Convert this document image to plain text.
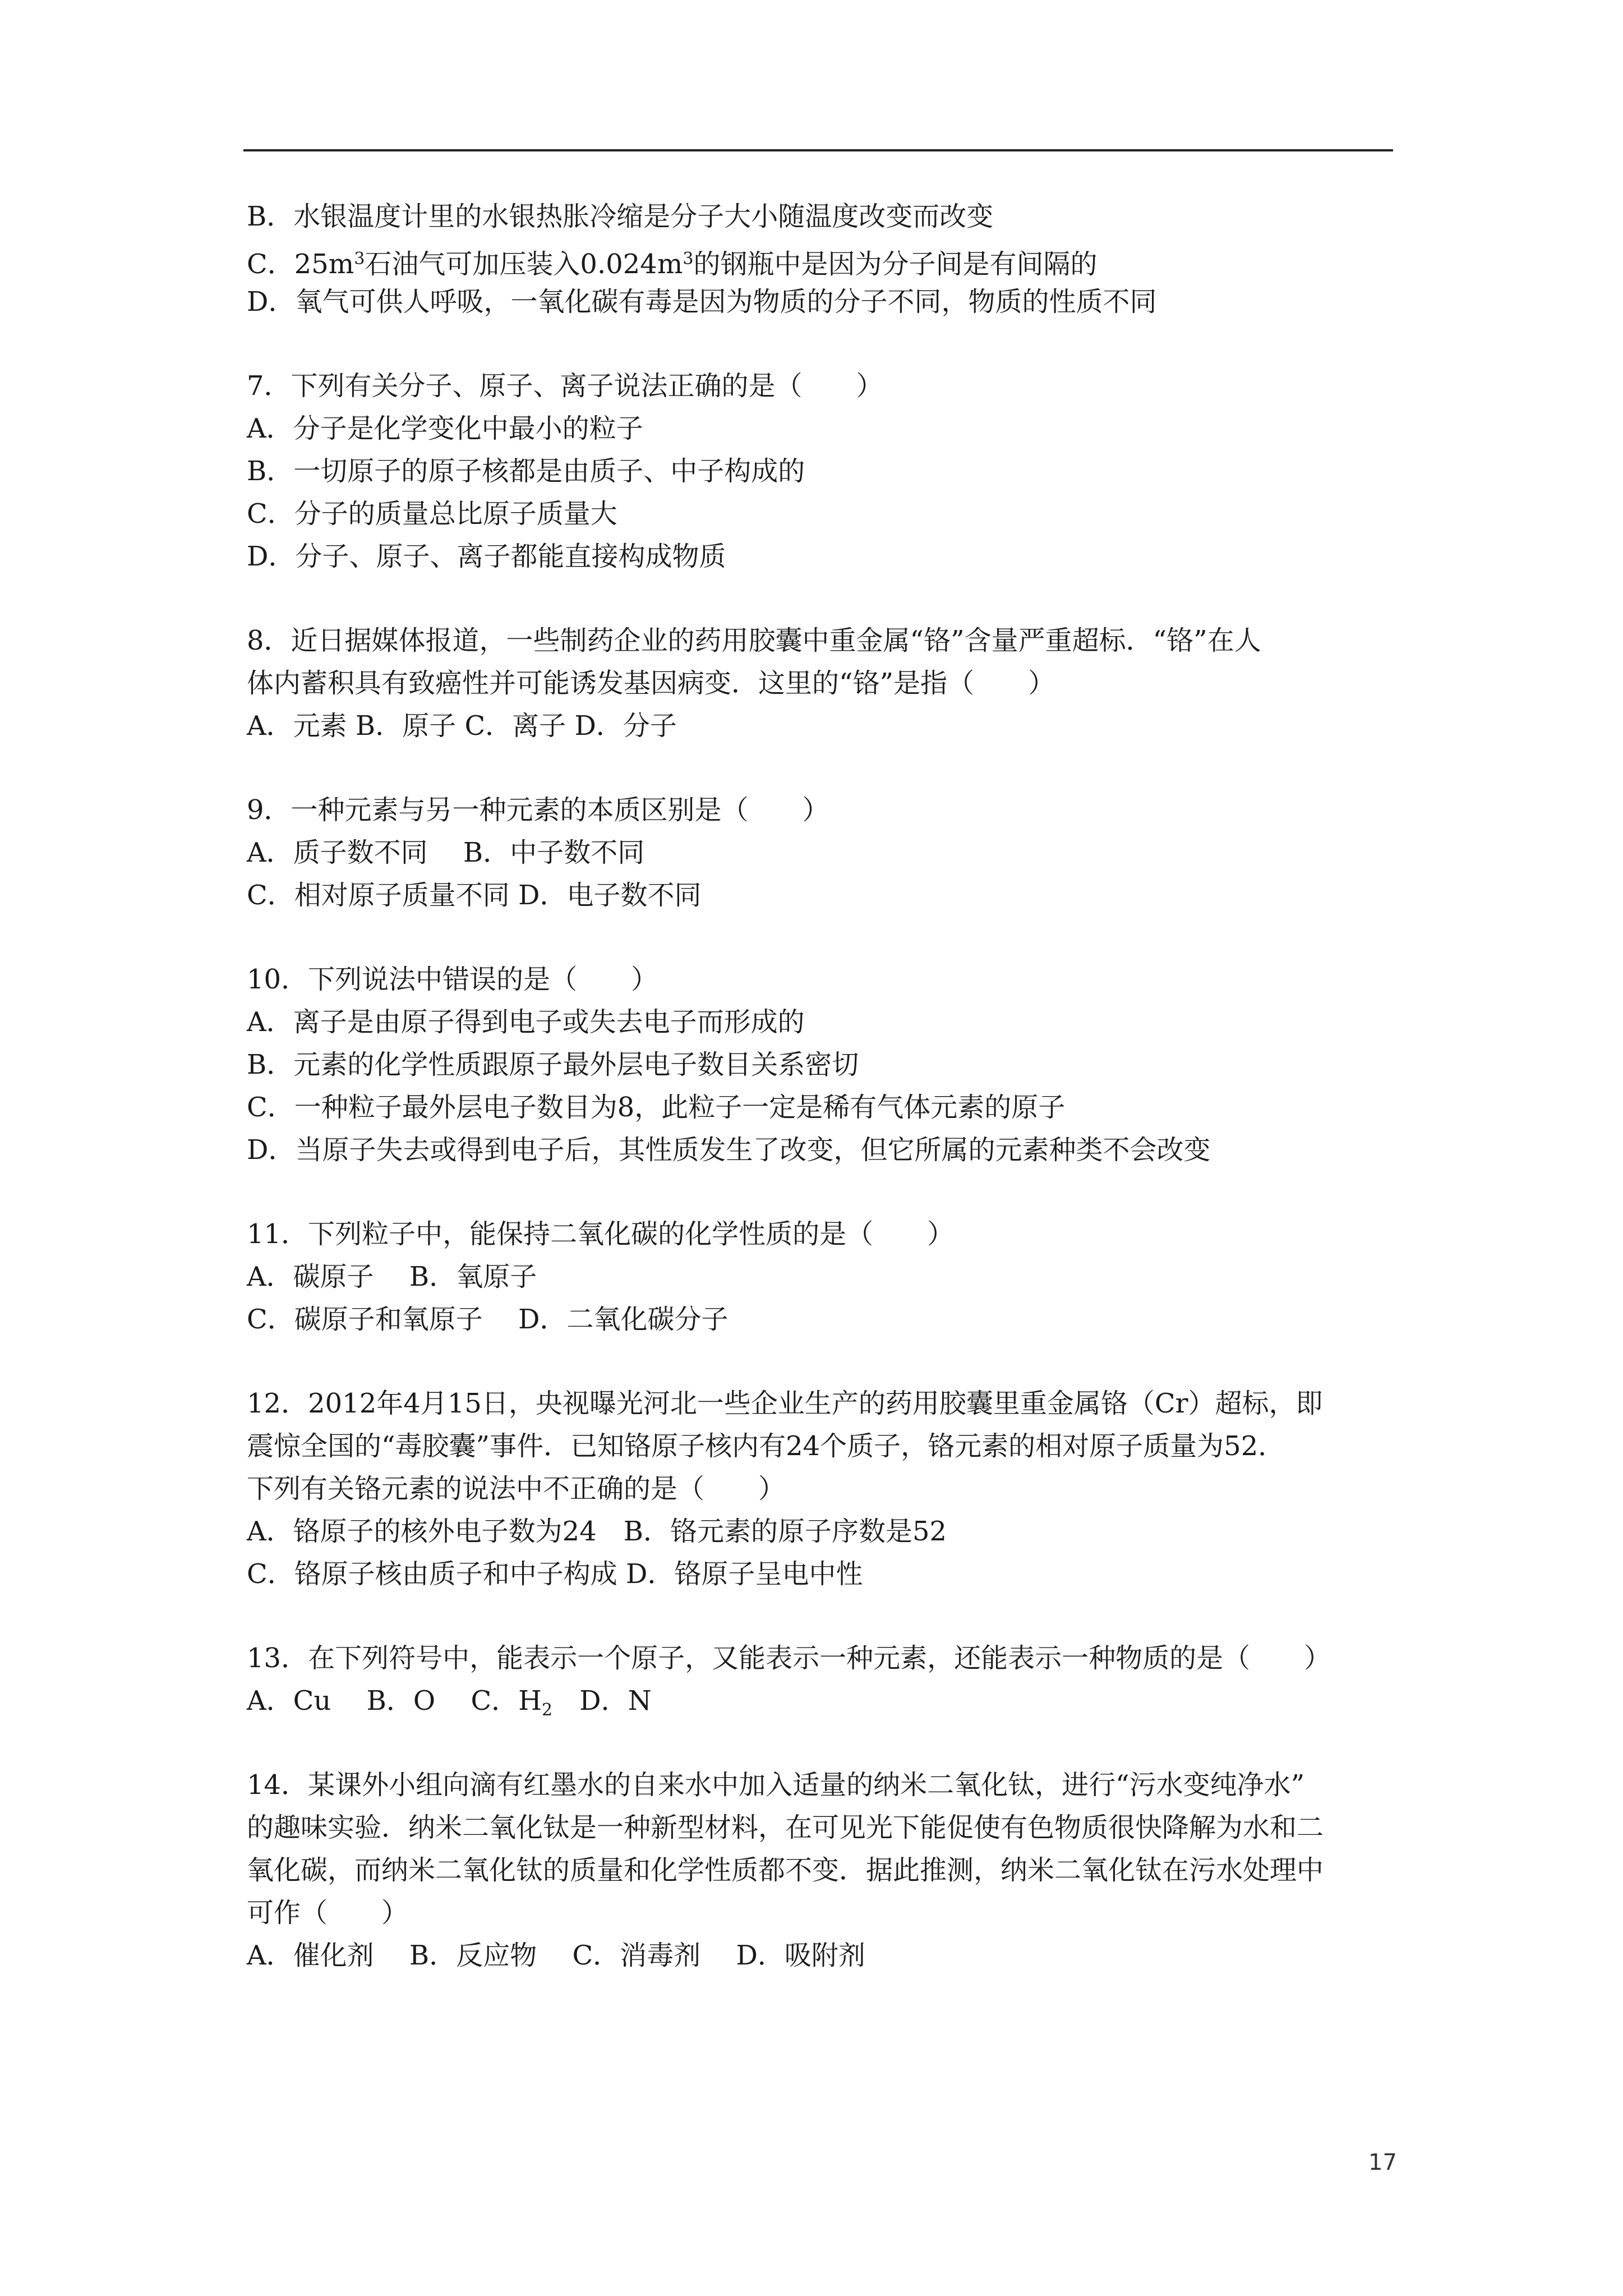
B．水银温度计里的水银热胀冷缩是分子大小随温度改变而改变
C．$25m^3$石油气可加压装入$0.024m^3$的钢瓶中是因为分子间是有间隔的
D．氧气可供人呼吸，一氧化碳有毒是因为物质的分子不同，物质的性质不同
7．下列有关分子、原子、离子说法正确的是（　　）
A．分子是化学变化中最小的粒子
B．一切原子的原子核都是由质子、中子构成的
C．分子的质量总比原子质量大
D．分子、原子、离子都能直接构成物质
8．近日据媒体报道，一些制药企业的药用胶囊中重金属“铬”含量严重超标．“铬”在人
体内蓄积具有致癌性并可能诱发基因病变．这里的“铬”是指（　　）
A．元素 B．原子 C．离子 D．分子
9．一种元素与另一种元素的本质区别是（　　）
A．质子数不同　 B．中子数不同
C．相对原子质量不同 D．电子数不同
10．下列说法中错误的是（　　）
A．离子是由原子得到电子或失去电子而形成的
B．元素的化学性质跟原子最外层电子数目关系密切
C．一种粒子最外层电子数目为8，此粒子一定是稀有气体元素的原子
D．当原子失去或得到电子后，其性质发生了改变，但它所属的元素种类不会改变
11．下列粒子中，能保持二氧化碳的化学性质的是（　　）
A．碳原子　 B．氧原子
C．碳原子和氧原子　 D．二氧化碳分子
12．2012年4月15日，央视曝光河北一些企业生产的药用胶囊里重金属铬（Cr）超标，即
震惊全国的“毒胶囊”事件．已知铬原子核内有24个质子，铬元素的相对原子质量为52．
下列有关铬元素的说法中不正确的是（　　）
A．铬原子的核外电子数为24　B．铬元素的原子序数是52
C．铬原子核由质子和中子构成 D．铬原子呈电中性
13．在下列符号中，能表示一个原子，又能表示一种元素，还能表示一种物质的是（　　）
A．Cu　 B．O　 C．$H_2$　D．N
14．某课外小组向滴有红墨水的自来水中加入适量的纳米二氧化钛，进行“污水变纯净水”
的趣味实验．纳米二氧化钛是一种新型材料，在可见光下能促使有色物质很快降解为水和二
氧化碳，而纳米二氧化钛的质量和化学性质都不变．据此推测，纳米二氧化钛在污水处理中
可作（　　）
A．催化剂　 B．反应物　 C．消毒剂　 D．吸附剂
17
